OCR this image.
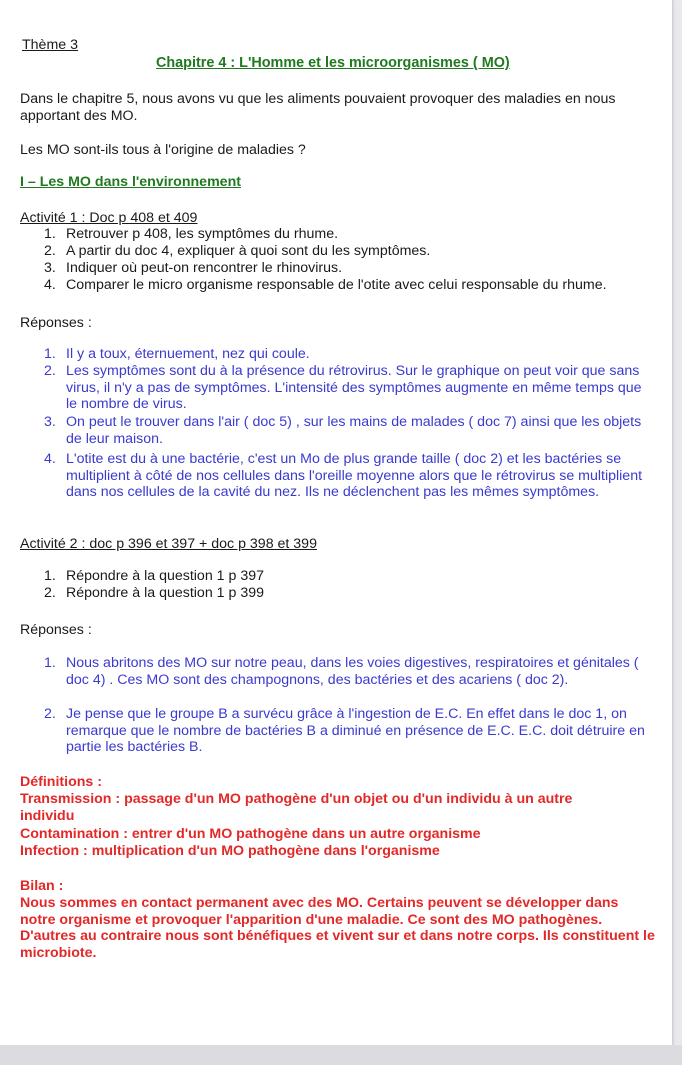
Thème 3
Chapitre 4 : L'Homme et les microorganismes ( MO)
Dans le chapitre 5, nous avons vu que les aliments pouvaient provoquer des maladies en nous apportant des MO.
Les MO sont-ils tous à l'origine de maladies ?
I – Les MO dans l'environnement
Activité 1 : Doc p 408 et 409
1. Retrouver p 408, les symptômes du rhume.
2. A partir du doc 4, expliquer à quoi sont du les symptômes.
3. Indiquer où peut-on rencontrer le rhinovirus.
4. Comparer le micro organisme responsable de l'otite avec celui responsable du rhume.
Réponses :
1. Il y a toux, éternuement, nez qui coule.
2. Les symptômes sont du à la présence du rétrovirus. Sur le graphique on peut voir que sans virus, il n'y a pas de symptômes. L'intensité des symptômes augmente en même temps que le nombre de virus.
3. On peut le trouver dans l'air ( doc 5) , sur les mains de malades ( doc 7) ainsi que les objets de leur maison.
4. L'otite est du à une bactérie, c'est un Mo de plus grande taille ( doc 2) et les bactéries se multiplient à côté de nos cellules dans l'oreille moyenne alors que le rétrovirus se multiplient dans nos cellules de la cavité du nez. Ils ne déclenchent pas les mêmes symptômes.
Activité 2 : doc p 396 et 397 + doc p 398 et 399
1. Répondre à la question 1 p 397
2. Répondre à la question 1 p 399
Réponses :
1. Nous abritons des MO sur notre peau, dans les voies digestives, respiratoires et génitales ( doc 4) . Ces MO sont des champognons, des bactéries et des acariens ( doc 2).
2. Je pense que le groupe B a survécu grâce à l'ingestion de E.C. En effet dans le doc 1, on remarque que le nombre de bactéries B a diminué en présence de E.C. E.C. doit détruire en partie les bactéries B.
Définitions :
Transmission : passage d'un MO pathogène d'un objet ou d'un individu à un autre individu
Contamination : entrer d'un MO pathogène dans un autre organisme
Infection : multiplication d'un MO pathogène dans l'organisme
Bilan :
Nous sommes en contact permanent avec des MO. Certains peuvent se développer dans notre organisme et provoquer l'apparition d'une maladie. Ce sont des MO pathogènes. D'autres au contraire nous sont bénéfiques et vivent sur et dans notre corps. Ils constituent le microbiote.
